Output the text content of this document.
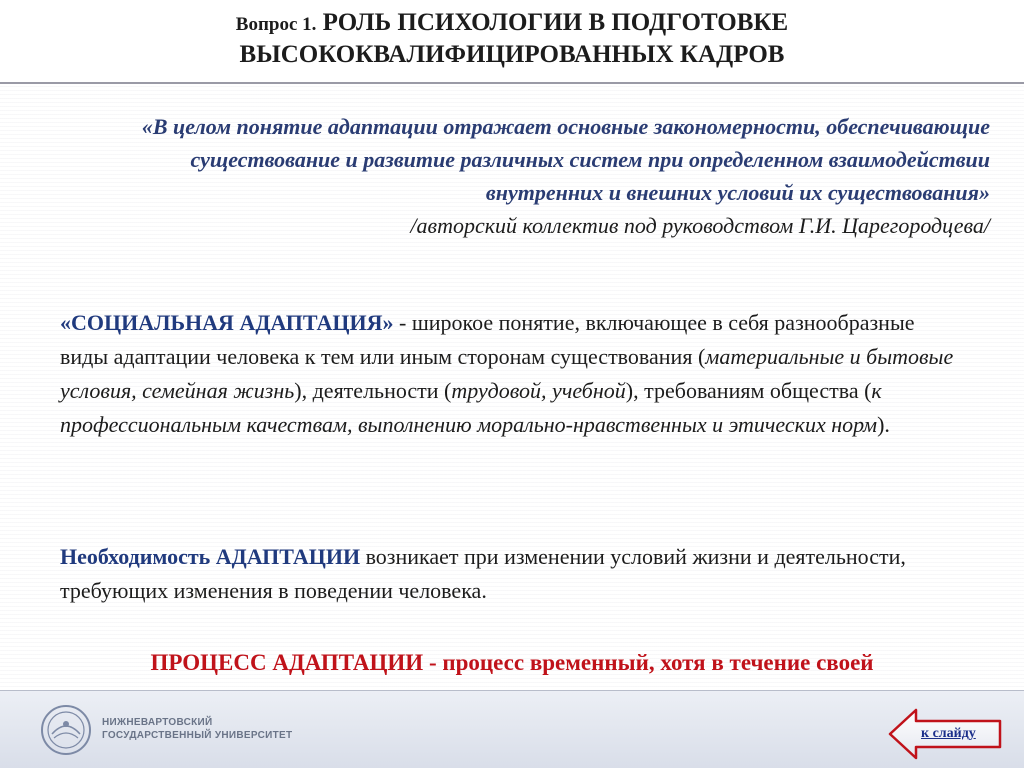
Вопрос 1. РОЛЬ ПСИХОЛОГИИ В ПОДГОТОВКЕ
ВЫСОКОКВАЛИФИЦИРОВАННЫХ КАДРОВ
«В целом понятие адаптации отражает основные закономерности, обеспечивающие существование и развитие различных систем при определенном взаимодействии внутренних и внешних условий их существования»
/авторский коллектив под руководством Г.И. Царегородцева/
«СОЦИАЛЬНАЯ АДАПТАЦИЯ» - широкое понятие, включающее в себя разнообразные виды адаптации человека к тем или иным сторонам существования (материальные и бытовые условия, семейная жизнь), деятельности (трудовой, учебной), требованиям общества (к профессиональным качествам, выполнению морально-нравственных и этических норм).
Необходимость АДАПТАЦИИ возникает при изменении условий жизни и деятельности, требующих изменения в поведении человека.
ПРОЦЕСС АДАПТАЦИИ - процесс временный, хотя в течение своей

НИЖНЕВАРТОВСКИЙ
ГОСУДАРСТВЕННЫЙ УНИВЕРСИТЕТ	к слайду
